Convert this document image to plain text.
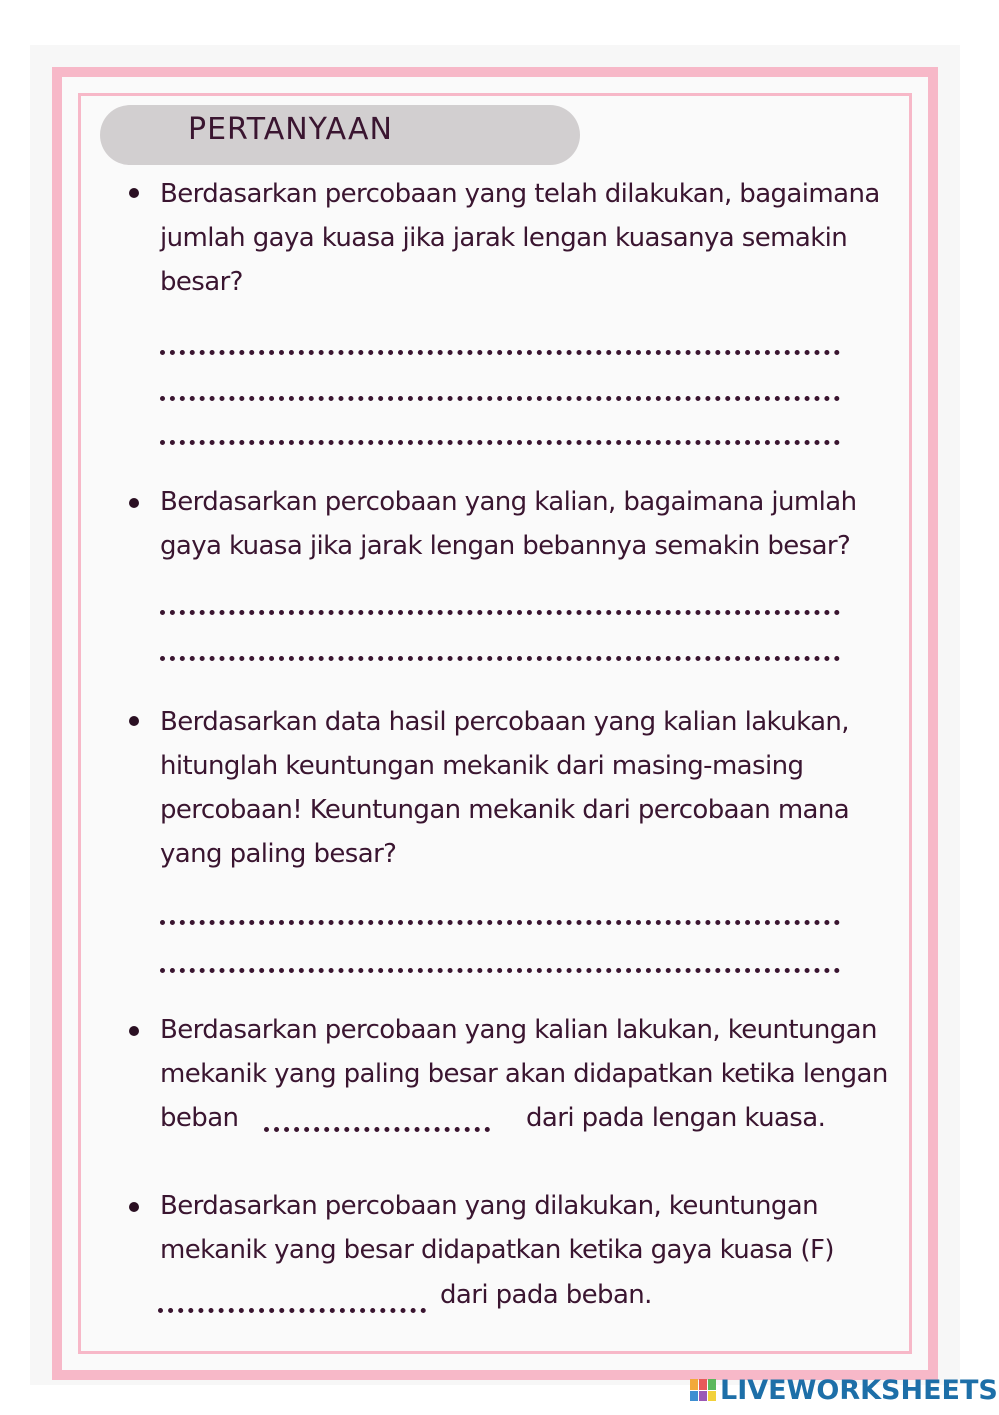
PERTANYAAN
Berdasarkan percobaan yang telah dilakukan, bagaimana jumlah gaya kuasa jika jarak lengan kuasanya semakin besar?
Berdasarkan percobaan yang kalian, bagaimana jumlah gaya kuasa jika jarak lengan bebannya semakin besar?
Berdasarkan data hasil percobaan yang kalian lakukan, hitunglah keuntungan mekanik dari masing-masing percobaan! Keuntungan mekanik dari percobaan mana yang paling besar?
Berdasarkan percobaan yang kalian lakukan, keuntungan
mekanik yang paling besar akan didapatkan ketika lengan
beban	dari pada lengan kuasa.
Berdasarkan percobaan yang dilakukan, keuntungan
mekanik yang besar didapatkan ketika gaya kuasa (F)
dari pada beban.
LIVEWORKSHEETS
